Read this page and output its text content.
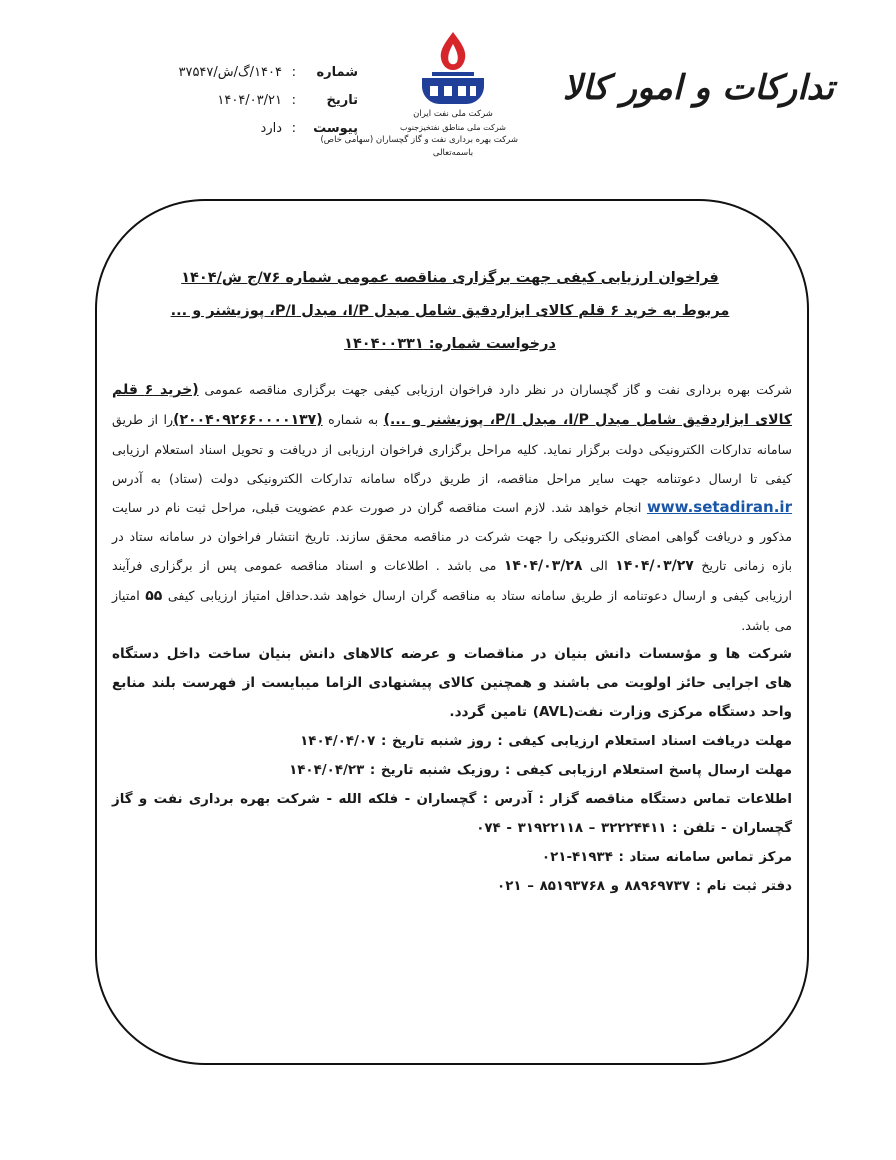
تدارکات و امور کالا
شرکت ملی نفت ایران
شرکت ملی مناطق نفتخیزجنوب
شرکت بهره برداری نفت و گاز گچساران (سهامی خاص)
باسمه‌تعالی
شماره
:
۱۴۰۴/گ/ش/۳۷۵۴۷
تاریخ
:
۱۴۰۴/۰۳/۲۱
پیوست
:
دارد
فراخوان ارزیابی کیفی جهت برگزاری مناقصه عمومی شماره ۷۶/ج ش/۱۴۰۴
مربوط به خرید ۶ قلم کالای ابزاردقیق شامل مبدل I/P، مبدل P/I، پوزیشنر و ...
درخواست شماره: ۱۴۰۴۰۰۳۳۱

شرکت بهره برداری نفت و گاز گچساران در نظر دارد فراخوان ارزیابی کیفی جهت برگزاری مناقصه عمومی (خرید ۶ قلم کالای ابزاردقیق شامل مبدل I/P، مبدل P/I، پوزیشنر و ...) به شماره (۲۰۰۴۰۹۲۶۶۰۰۰۰۱۳۷)را از طریق سامانه تدارکات الکترونیکی دولت برگزار نماید. کلیه مراحل برگزاری فراخوان ارزیابی از دریافت و تحویل اسناد استعلام ارزیابی کیفی تا ارسال دعوتنامه جهت سایر مراحل مناقصه، از طریق درگاه سامانه تدارکات الکترونیکی دولت (ستاد) به آدرس www.setadiran.ir انجام خواهد شد. لازم است مناقصه گران در صورت عدم عضویت قبلی، مراحل ثبت نام در سایت مذکور و دریافت گواهی امضای الکترونیکی را جهت شرکت در مناقصه محقق سازند. تاریخ انتشار فراخوان در سامانه ستاد در بازه زمانی تاریخ ۱۴۰۴/۰۳/۲۷ الی ۱۴۰۴/۰۳/۲۸ می باشد . اطلاعات و اسناد مناقصه عمومی پس از برگزاری فرآیند ارزیابی کیفی و ارسال دعوتنامه از طریق سامانه ستاد به مناقصه گران ارسال خواهد شد.حداقل امتیاز ارزیابی کیفی ۵۵ امتیاز می باشد.

شرکت ها و مؤسسات دانش بنیان در مناقصات و عرضه کالاهای دانش بنیان ساخت داخل دستگاه های اجرایی حائز اولویت می باشند و همچنین کالای پیشنهادی الزاما میبایست از فهرست بلند منابع واحد دستگاه مرکزی وزارت نفت(AVL) تامین گردد.

مهلت دریافت اسناد استعلام ارزیابی کیفی : روز شنبه تاریخ : ۱۴۰۴/۰۴/۰۷
مهلت ارسال پاسخ استعلام ارزیابی کیفی : روزیک شنبه تاریخ : ۱۴۰۴/۰۴/۲۳
اطلاعات تماس دستگاه مناقصه گزار : آدرس : گچساران - فلکه الله - شرکت بهره برداری نفت و گاز گچساران - تلفن : ۳۲۲۲۴۴۱۱ – ۳۱۹۲۲۱۱۸ - ۰۷۴
مرکز تماس سامانه ستاد : ۴۱۹۳۴-۰۲۱
دفتر ثبت نام : ۸۸۹۶۹۷۳۷ و ۸۵۱۹۳۷۶۸ – ۰۲۱
